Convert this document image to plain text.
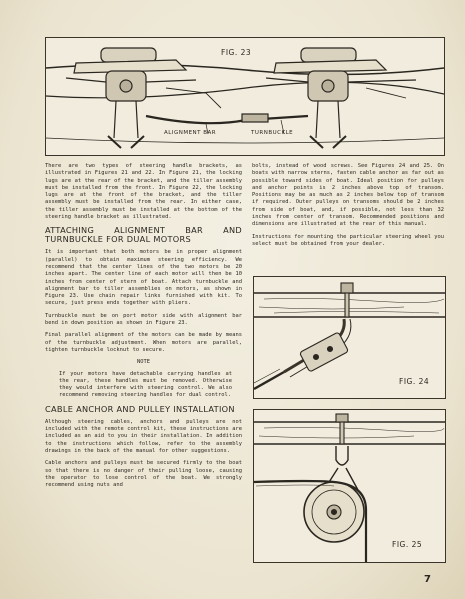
FIG. 23
ALIGNMENT BAR	TURNBUCKLE

There are two types of steering handle brackets, as illustrated in Figures 21 and 22. In Figure 21, the locking lugs are at the rear of the bracket, and the tiller assembly must be installed from the front. In Figure 22, the locking lugs are at the front of the bracket, and the tiller assembly must be installed from the rear. In either case, the tiller assembly must be installed at the bottom of the steering handle bracket as illustrated.

ATTACHING ALIGNMENT BAR AND TURNBUCKLE FOR DUAL MOTORS

It is important that both motors be in proper alignment (parallel) to obtain maximum steering efficiency. We recommend that the center lines of the two motors be 20 inches apart. The center line of each motor will then be 10 inches from center of stern of boat. Attach turnbuckle and alignment bar to tiller assemblies on motors, as shown in Figure 23. Use chain repair links furnished with kit. To secure, just press ends together with pliers.

Turnbuckle must be on port motor side with alignment bar bend in down position as shown in Figure 23.

Final parallel alignment of the motors can be made by means of the turnbuckle adjustment. When motors are parallel, tighten turnbuckle locknut to secure.

NOTE

If your motors have detachable carrying handles at the rear, these handles must be removed. Otherwise they would interfere with steering control. We also recommend removing steering handles for dual control.

CABLE ANCHOR AND PULLEY INSTALLATION

Although steering cables, anchors and pulleys are not included with the remote control kit, these instructions are included as an aid to you in their installation. In addition to the instructions which follow, refer to the assembly drawings in the back of the manual for other suggestions.

Cable anchors and pulleys must be secured firmly to the boat so that there is no danger of their pulling loose, causing the operator to lose control of the boat. We strongly recommend using nuts and

bolts, instead of wood screws. See Figures 24 and 25. On boats with narrow sterns, fasten cable anchor as far out as possible toward sides of boat. Ideal position for pulleys and anchor points is 2 inches above top of transom. Positions may be as much as 2 inches below top of transom if required. Outer pulleys on transoms should be 2 inches from side of boat, and, if possible, not less than 32 inches from center of transom. Recommended positions and dimensions are illustrated at the rear of this manual.

Instructions for mounting the particular steering wheel you select must be obtained from your dealer.

FIG. 24
FIG. 25
7
